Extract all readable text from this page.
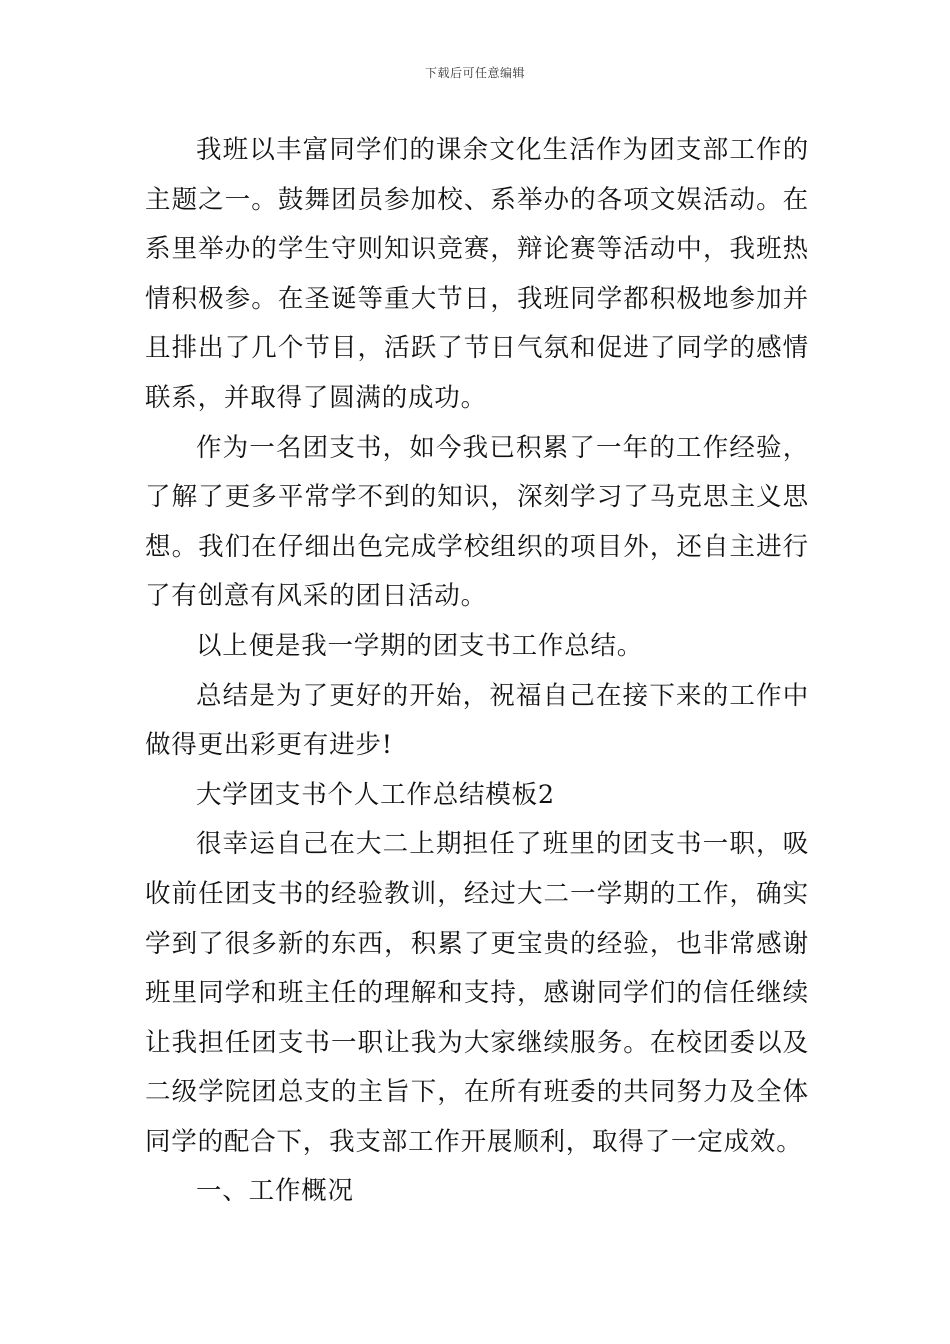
下载后可任意编辑

我班以丰富同学们的课余文化生活作为团支部工作的主题之一。鼓舞团员参加校、系举办的各项文娱活动。在系里举办的学生守则知识竞赛，辩论赛等活动中，我班热情积极参。在圣诞等重大节日，我班同学都积极地参加并且排出了几个节目，活跃了节日气氛和促进了同学的感情联系，并取得了圆满的成功。

作为一名团支书，如今我已积累了一年的工作经验，了解了更多平常学不到的知识，深刻学习了马克思主义思想。我们在仔细出色完成学校组织的项目外，还自主进行了有创意有风采的团日活动。

以上便是我一学期的团支书工作总结。

总结是为了更好的开始，祝福自己在接下来的工作中做得更出彩更有进步!

大学团支书个人工作总结模板2

很幸运自己在大二上期担任了班里的团支书一职，吸收前任团支书的经验教训，经过大二一学期的工作，确实学到了很多新的东西，积累了更宝贵的经验，也非常感谢班里同学和班主任的理解和支持，感谢同学们的信任继续让我担任团支书一职让我为大家继续服务。在校团委以及二级学院团总支的主旨下，在所有班委的共同努力及全体同学的配合下，我支部工作开展顺利，取得了一定成效。

一、工作概况
